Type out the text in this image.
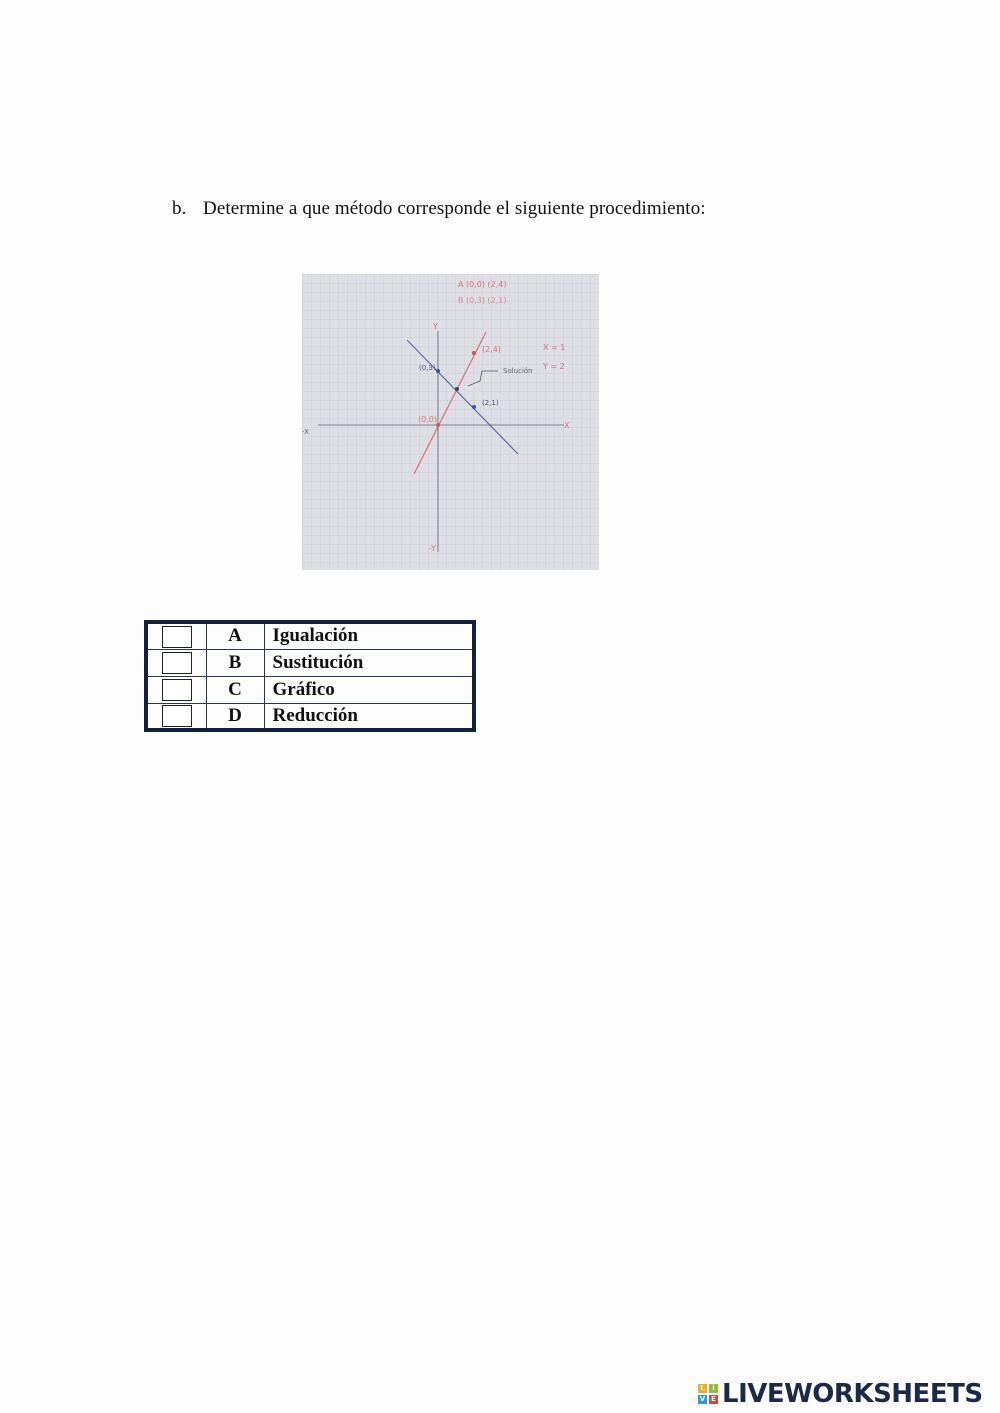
b. Determine a que método corresponde el siguiente procedimiento:
A (0,0) (2,4)
B (0,3) (2,1)
(2,4)	X = 1
Y = 2
X
(0,0)
Y
-Y
(0,3)
(2,1)
Solución
-X
	A	Igualación
	B	Sustitución
	C	Gráfico
	D	Reducción
L	i
V E LIVEWORKSHEETS
